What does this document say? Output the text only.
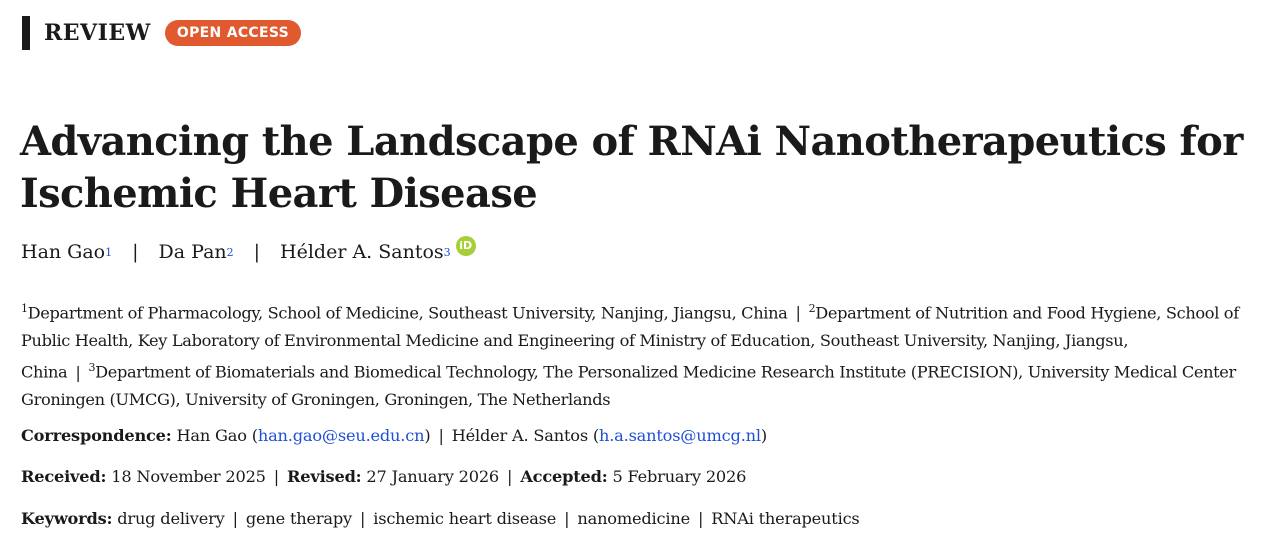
REVIEW	OPEN ACCESS
Advancing the Landscape of RNAi Nanotherapeutics for Ischemic Heart Disease
Han Gao 1 | Da Pan 2 | Hélder A. Santos 3 iD

$^1$Department of Pharmacology, School of Medicine, Southeast University, Nanjing, Jiangsu, China | $^2$Department of Nutrition and Food Hygiene, School of Public Health, Key Laboratory of Environmental Medicine and Engineering of Ministry of Education, Southeast University, Nanjing, Jiangsu, China | $^3$Department of Biomaterials and Biomedical Technology, The Personalized Medicine Research Institute (PRECISION), University Medical Center Groningen (UMCG), University of Groningen, Groningen, The Netherlands

Correspondence: Han Gao (han.gao@seu.edu.cn) | Hélder A. Santos (h.a.santos@umcg.nl)
Received: 18 November 2025 | Revised: 27 January 2026 | Accepted: 5 February 2026
Keywords: drug delivery | gene therapy | ischemic heart disease | nanomedicine | RNAi therapeutics
